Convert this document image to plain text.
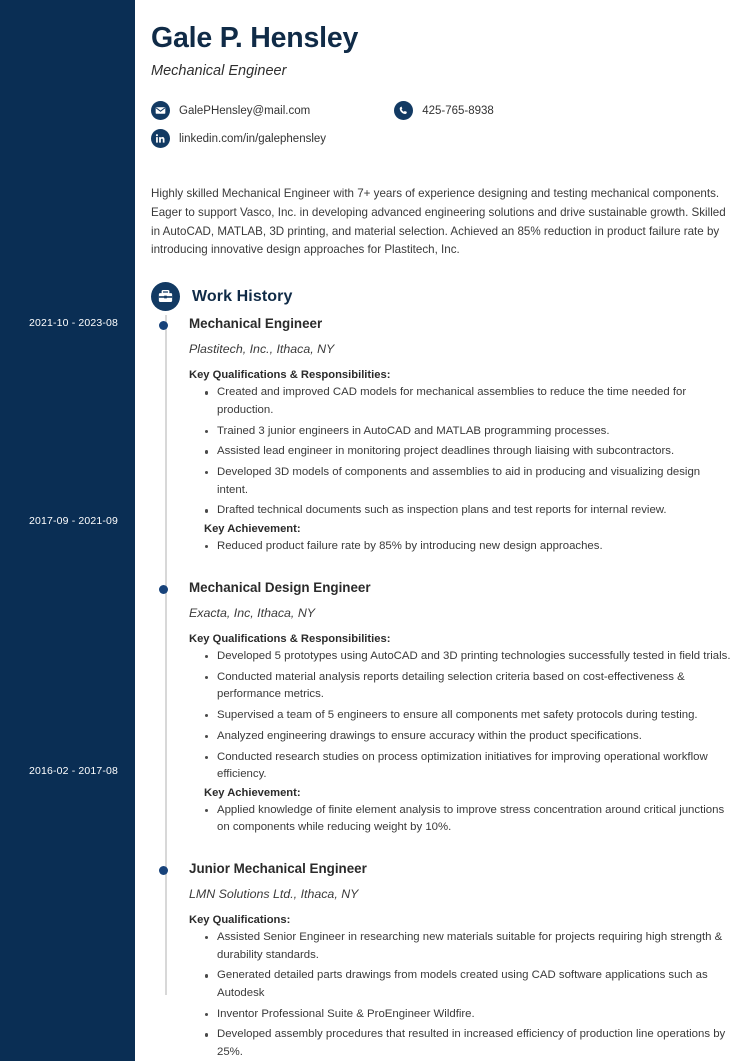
2021-10 - 2023-08
2017-09 - 2021-09
2016-02 - 2017-08
Gale P. Hensley
Mechanical Engineer
GalePHensley@mail.com	425-765-8938
linkedin.com/in/galephensley
Highly skilled Mechanical Engineer with 7+ years of experience designing and testing mechanical components. Eager to support Vasco, Inc. in developing advanced engineering solutions and drive sustainable growth. Skilled in AutoCAD, MATLAB, 3D printing, and material selection. Achieved an 85% reduction in product failure rate by introducing innovative design approaches for Plastitech, Inc.
Work History
Mechanical Engineer
Plastitech, Inc., Ithaca, NY
Key Qualifications & Responsibilities:
Created and improved CAD models for mechanical assemblies to reduce the time needed for production.
Trained 3 junior engineers in AutoCAD and MATLAB programming processes.
Assisted lead engineer in monitoring project deadlines through liaising with subcontractors.
Developed 3D models of components and assemblies to aid in producing and visualizing design intent.
Drafted technical documents such as inspection plans and test reports for internal review.
Key Achievement:
Reduced product failure rate by 85% by introducing new design approaches.
Mechanical Design Engineer
Exacta, Inc, Ithaca, NY
Key Qualifications & Responsibilities:
Developed 5 prototypes using AutoCAD and 3D printing technologies successfully tested in field trials.
Conducted material analysis reports detailing selection criteria based on cost-effectiveness & performance metrics.
Supervised a team of 5 engineers to ensure all components met safety protocols during testing.
Analyzed engineering drawings to ensure accuracy within the product specifications.
Conducted research studies on process optimization initiatives for improving operational workflow efficiency.
Key Achievement:
Applied knowledge of finite element analysis to improve stress concentration around critical junctions on components while reducing weight by 10%.
Junior Mechanical Engineer
LMN Solutions Ltd., Ithaca, NY
Key Qualifications:
Assisted Senior Engineer in researching new materials suitable for projects requiring high strength & durability standards.
Generated detailed parts drawings from models created using CAD software applications such as Autodesk
Inventor Professional Suite & ProEngineer Wildfire.
Developed assembly procedures that resulted in increased efficiency of production line operations by 25%.
